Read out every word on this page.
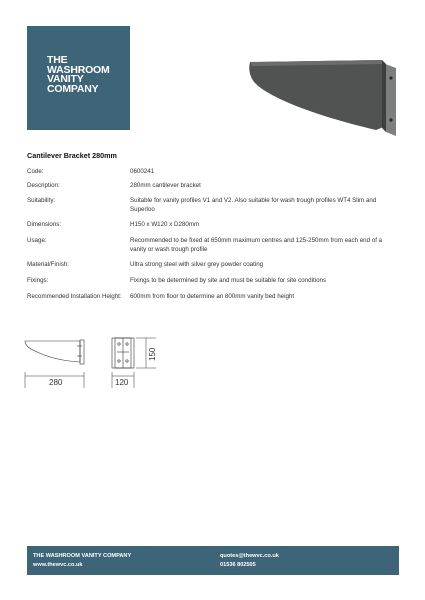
THE
WASHROOM
VANITY
COMPANY
Cantilever Bracket 280mm
Code:	0600241
Description:	280mm cantilever bracket
Suitability:	Suitable for vanity profiles V1 and V2. Also suitable for wash trough profiles WT4 Slim and Superloo
Dimensions:	H150 x W120 x D280mm
Usage:	Recommended to be fixed at 650mm maximum centres and 125-250mm from each end of a vanity or wash trough profile
Material/Finish:	Ultra strong steel with silver grey powder coating
Fixings:	Fixings to be determined by site and must be suitable for site conditions
Recommended Installation Height: 600mm from floor to determine an 800mm vanity bed height
280	120
150
THE WASHROOM VANITY COMPANY
www.thewvc.co.uk
quotes@thewvc.co.uk
01536 802505
